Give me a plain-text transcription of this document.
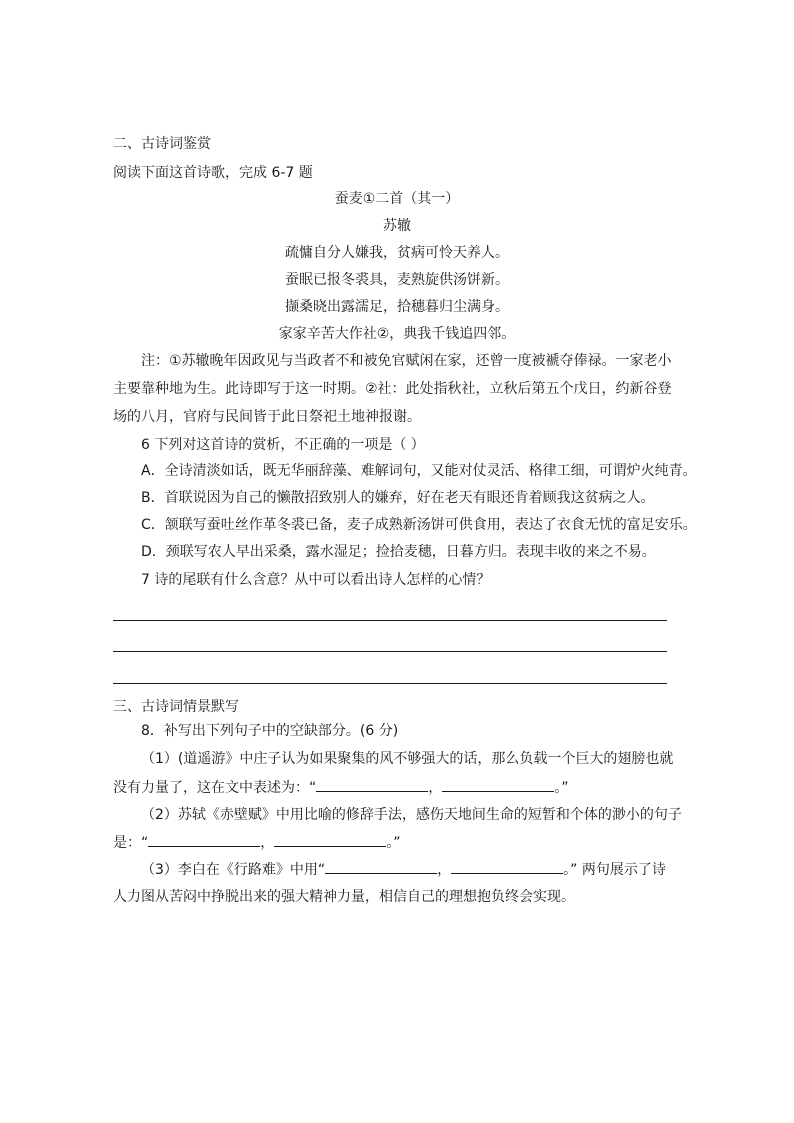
二、古诗词鉴赏
阅读下面这首诗歌，完成 6-7 题
蚕麦①二首（其一）
苏辙
疏慵自分人嫌我，贫病可怜天养人。
蚕眠已报冬裘具，麦熟旋供汤饼新。
撷桑晓出露濡足，拾穗暮归尘满身。
家家辛苦大作社②，典我千钱追四邻。
注：①苏辙晚年因政见与当政者不和被免官赋闲在家，还曾一度被褫夺俸禄。一家老小
主要靠种地为生。此诗即写于这一时期。②社：此处指秋社，立秋后第五个戊日，约新谷登
场的八月，官府与民间皆于此日祭祀土地神报谢。
6 下列对这首诗的赏析，不正确的一项是（ ）
A．全诗清淡如话，既无华丽辞藻、难解词句，又能对仗灵活、格律工细，可谓炉火纯青。
B．首联说因为自己的懒散招致别人的嫌弃，好在老天有眼还肯着顾我这贫病之人。
C．颔联写蚕吐丝作革冬裘已备，麦子成熟新汤饼可供食用，表达了衣食无忧的富足安乐。
D．颈联写农人早出采桑，露水湿足；捡拾麦穗，日暮方归。表现丰收的来之不易。
7 诗的尾联有什么含意？从中可以看出诗人怎样的心情？
三、古诗词情景默写
8．补写出下列句子中的空缺部分。(6 分)
（1）(道遥游》中庄子认为如果聚集的风不够强大的话，那么负载一个巨大的翅膀也就
没有力量了，这在文中表述为：“	，	。”
（2）苏轼《赤壁赋》中用比喻的修辞手法，感伤天地间生命的短暂和个体的渺小的句子
是：“	，	。”
（3）李白在《行路难》中用“	，	。” 两句展示了诗
人力图从苦闷中挣脱出来的强大精神力量，相信自己的理想抱负终会实现。
